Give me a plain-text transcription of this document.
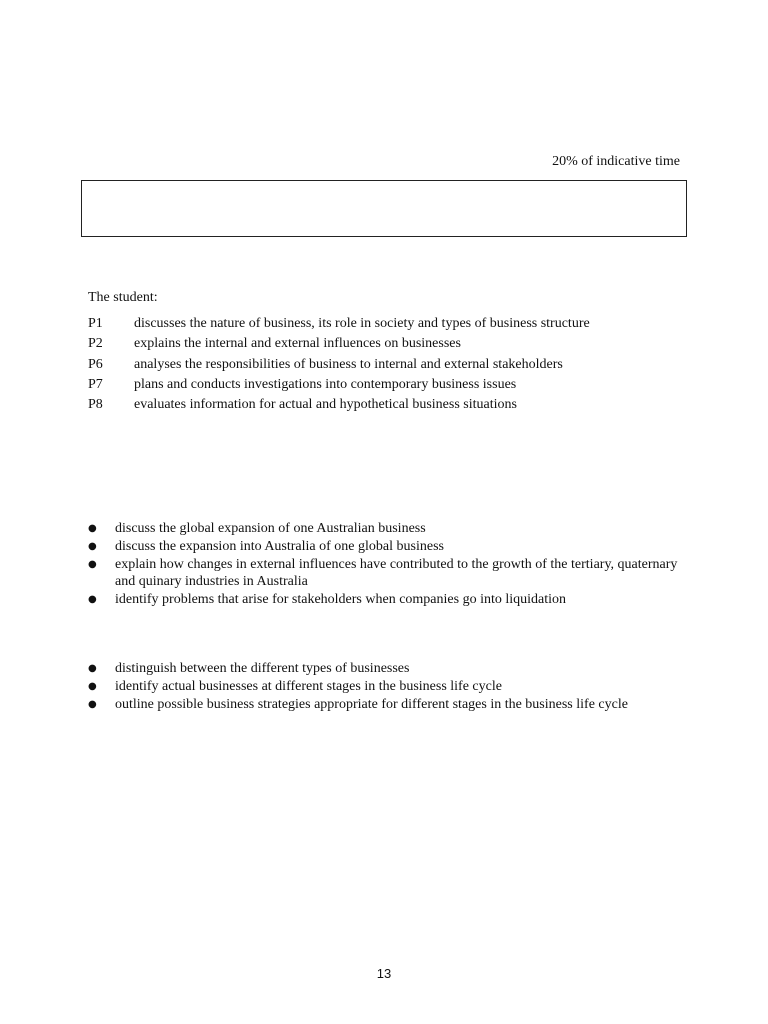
20% of indicative time
The student:
P1	discusses the nature of business, its role in society and types of business structure
P2	explains the internal and external influences on businesses
P6	analyses the responsibilities of business to internal and external stakeholders
P7	plans and conducts investigations into contemporary business issues
P8	evaluates information for actual and hypothetical business situations
●	discuss the global expansion of one Australian business
●	discuss the expansion into Australia of one global business
●	explain how changes in external influences have contributed to the growth of the tertiary, quaternary and quinary industries in Australia
●	identify problems that arise for stakeholders when companies go into liquidation
●	distinguish between the different types of businesses
●	identify actual businesses at different stages in the business life cycle
●	outline possible business strategies appropriate for different stages in the business life cycle
13
